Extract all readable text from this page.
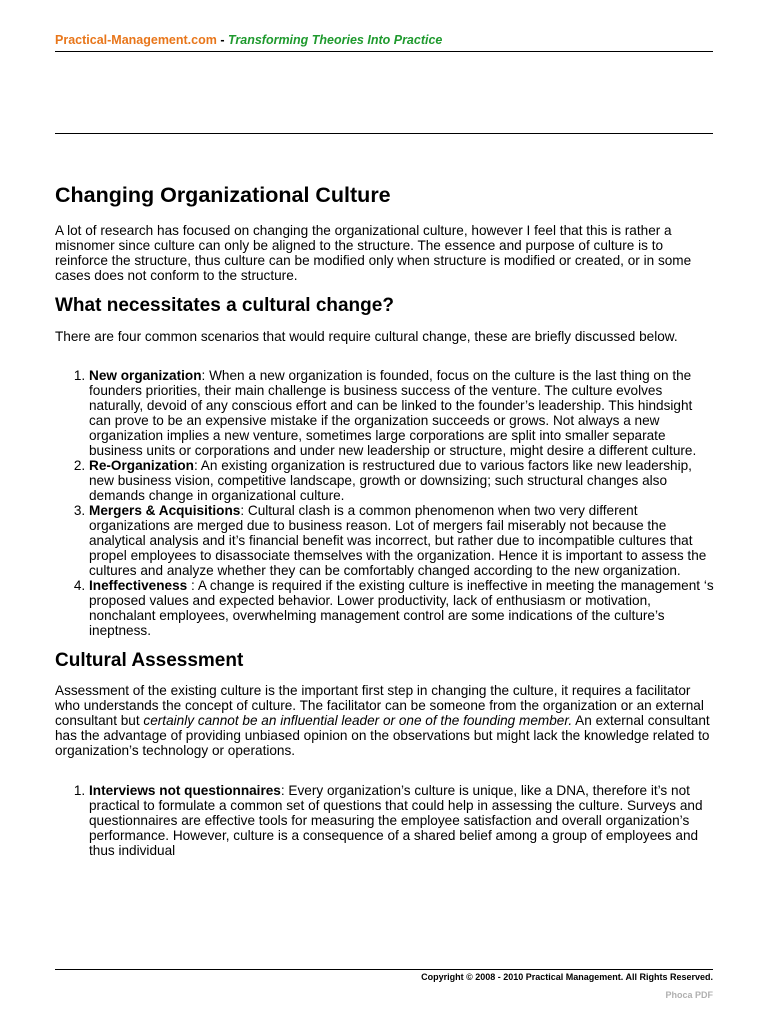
Practical-Management.com - Transforming Theories Into Practice
Changing Organizational Culture

A lot of research has focused on changing the organizational culture, however I feel that this is rather a misnomer since culture can only be aligned to the structure. The essence and purpose of culture is to reinforce the structure, thus culture can be modified only when structure is modified or created, or in some cases does not conform to the structure.

What necessitates a cultural change?

There are four common scenarios that would require cultural change, these are briefly discussed below.

1. New organization: When a new organization is founded, focus on the culture is the last thing on the founders priorities, their main challenge is business success of the venture. The culture evolves naturally, devoid of any conscious effort and can be linked to the founder’s leadership. This hindsight can prove to be an expensive mistake if the organization succeeds or grows. Not always a new organization implies a new venture, sometimes large corporations are split into smaller separate business units or corporations and under new leadership or structure, might desire a different culture.
2. Re-Organization: An existing organization is restructured due to various factors like new leadership, new business vision, competitive landscape, growth or downsizing; such structural changes also demands change in organizational culture.
3. Mergers & Acquisitions: Cultural clash is a common phenomenon when two very different organizations are merged due to business reason. Lot of mergers fail miserably not because the analytical analysis and it’s financial benefit was incorrect, but rather due to incompatible cultures that propel employees to disassociate themselves with the organization. Hence it is important to assess the cultures and analyze whether they can be comfortably changed according to the new organization.
4. Ineffectiveness : A change is required if the existing culture is ineffective in meeting the management ‘s proposed values and expected behavior. Lower productivity, lack of enthusiasm or motivation, nonchalant employees, overwhelming management control are some indications of the culture’s ineptness.
Cultural Assessment

Assessment of the existing culture is the important first step in changing the culture, it requires a facilitator who understands the concept of culture. The facilitator can be someone from the organization or an external consultant but certainly cannot be an influential leader or one of the founding member. An external consultant has the advantage of providing unbiased opinion on the observations but might lack the knowledge related to organization’s technology or operations.

1. Interviews not questionnaires: Every organization’s culture is unique, like a DNA, therefore it’s not practical to formulate a common set of questions that could help in assessing the culture. Surveys and questionnaires are effective tools for measuring the employee satisfaction and overall organization’s performance. However, culture is a consequence of a shared belief among a group of employees and thus individual
Copyright © 2008 - 2010 Practical Management. All Rights Reserved.
Phoca PDF
